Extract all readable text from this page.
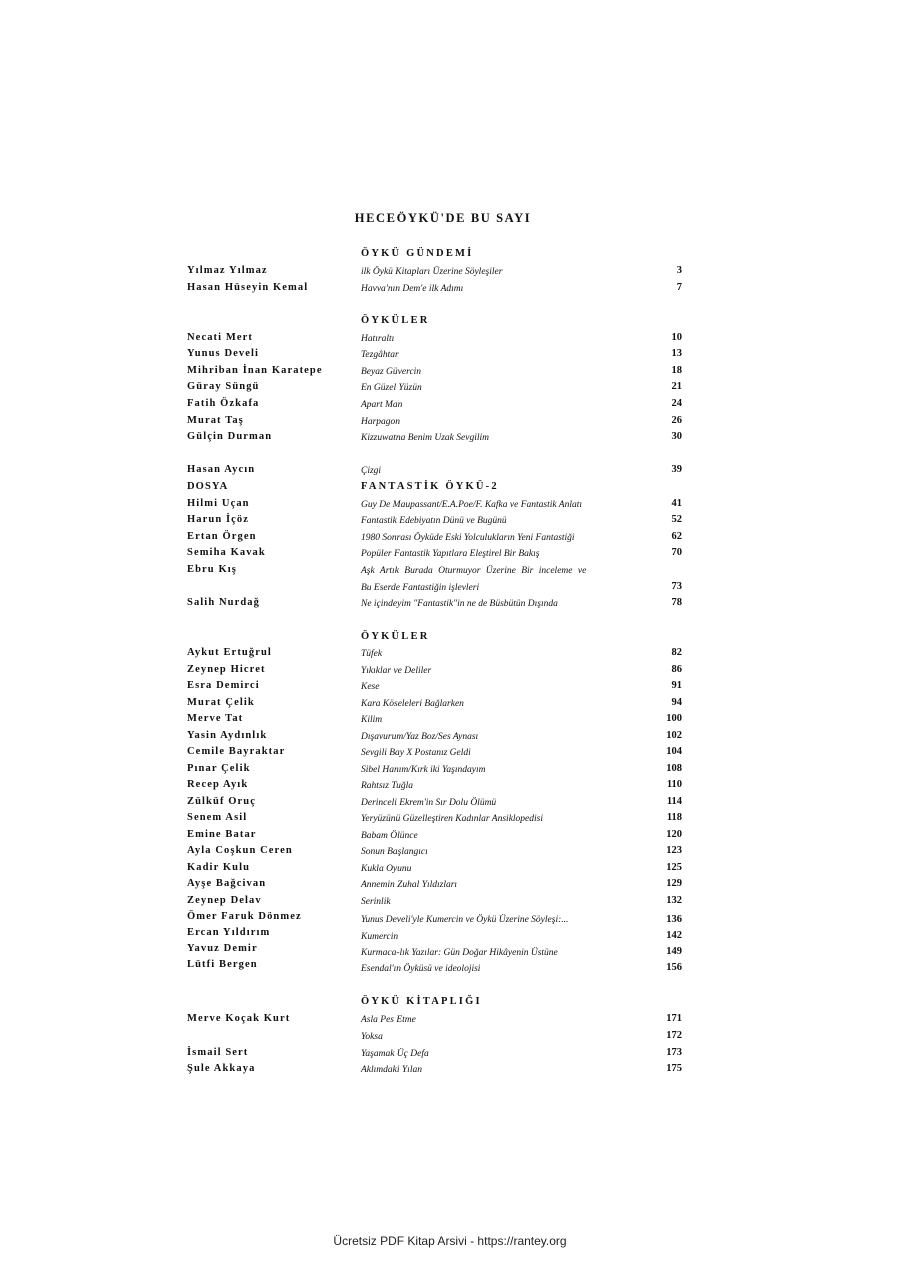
HECEÖYKÜ'DE BU SAYI
ÖYKÜ GÜNDEMİ
Yılmaz Yılmaz	ilk Öykü Kitapları Üzerine Söyleşiler	3
Hasan Hüseyin Kemal	Havva'nın Dem'e ilk Adımı	7
ÖYKÜLER
Necati Mert	Hatıraltı	10
Yunus Develi	Tezgâhtar	13
Mihriban İnan Karatepe	Beyaz Güvercin	18
Güray Süngü	En Güzel Yüzün	21
Fatih Özkafa	Apart Man	24
Murat Taş	Harpagon	26
Gülçin Durman	Kizzuwatna Benim Uzak Sevgilim	30
Hasan Aycın	Çizgi	39
DOSYA	FANTASTİK ÖYKÜ-2
Hilmi Uçan	Guy De Maupassant/E.A.Poe/F. Kafka ve Fantastik Anlatı	41
Harun İçöz	Fantastik Edebiyatın Dünü ve Bugünü	52
Ertan Örgen	1980 Sonrası Öyküde Eski Yolculukların Yeni Fantastiği	62
Semiha Kavak	Popüler Fantastik Yapıtlara Eleştirel Bir Bakış	70
Ebru Kış	Aşk Artık Burada Oturmuyor Üzerine Bir inceleme ve
Bu Eserde Fantastiğin işlevleri	73
Salih Nurdağ	Ne içindeyim "Fantastik"in ne de Büsbütün Dışında	78
ÖYKÜLER
Aykut Ertuğrul	Tüfek	82
Zeynep Hicret	Yıkıklar ve Deliler	86
Esra Demirci	Kese	91
Murat Çelik	Kara Köseleleri Bağlarken	94
Merve Tat	Kilim	100
Yasin Aydınlık	Dışavurum/Yaz Boz/Ses Aynası	102
Cemile Bayraktar	Sevgili Bay X Postanız Geldi	104
Pınar Çelik	Sibel Hanım/Kırk iki Yaşındayım	108
Recep Ayık	Rahtsız Tuğla	110
Zülküf Oruç	Derinceli Ekrem'in Sır Dolu Ölümü	114
Senem Asil	Yeryüzünü Güzelleştiren Kadınlar Ansiklopedisi	118
Emine Batar	Babam Ölünce	120
Ayla Coşkun Ceren	Sonun Başlangıcı	123
Kadir Kulu	Kukla Oyunu	125
Ayşe Bağcivan	Annemin Zuhal Yıldızları	129
Zeynep Delav	Serinlik	132
Ömer Faruk Dönmez	Yunus Develi'yle Kumercin ve Öykü Üzerine Söyleşi:...	136
Ercan Yıldırım	Kumercin	142
Yavuz Demir	Kurmaca-lık Yazılar: Gün Doğar Hikâyenin Üstüne	149
Lütfi Bergen	Esendal'ın Öyküsü ve ideolojisi	156
ÖYKÜ KİTAPLIĞI
Merve Koçak Kurt	Asla Pes Etme	171
Yoksa	172
İsmail Sert	Yaşamak Üç Defa	173
Şule Akkaya	Aklımdaki Yılan	175
Ücretsiz PDF Kitap Arsivi - https://rantey.org
